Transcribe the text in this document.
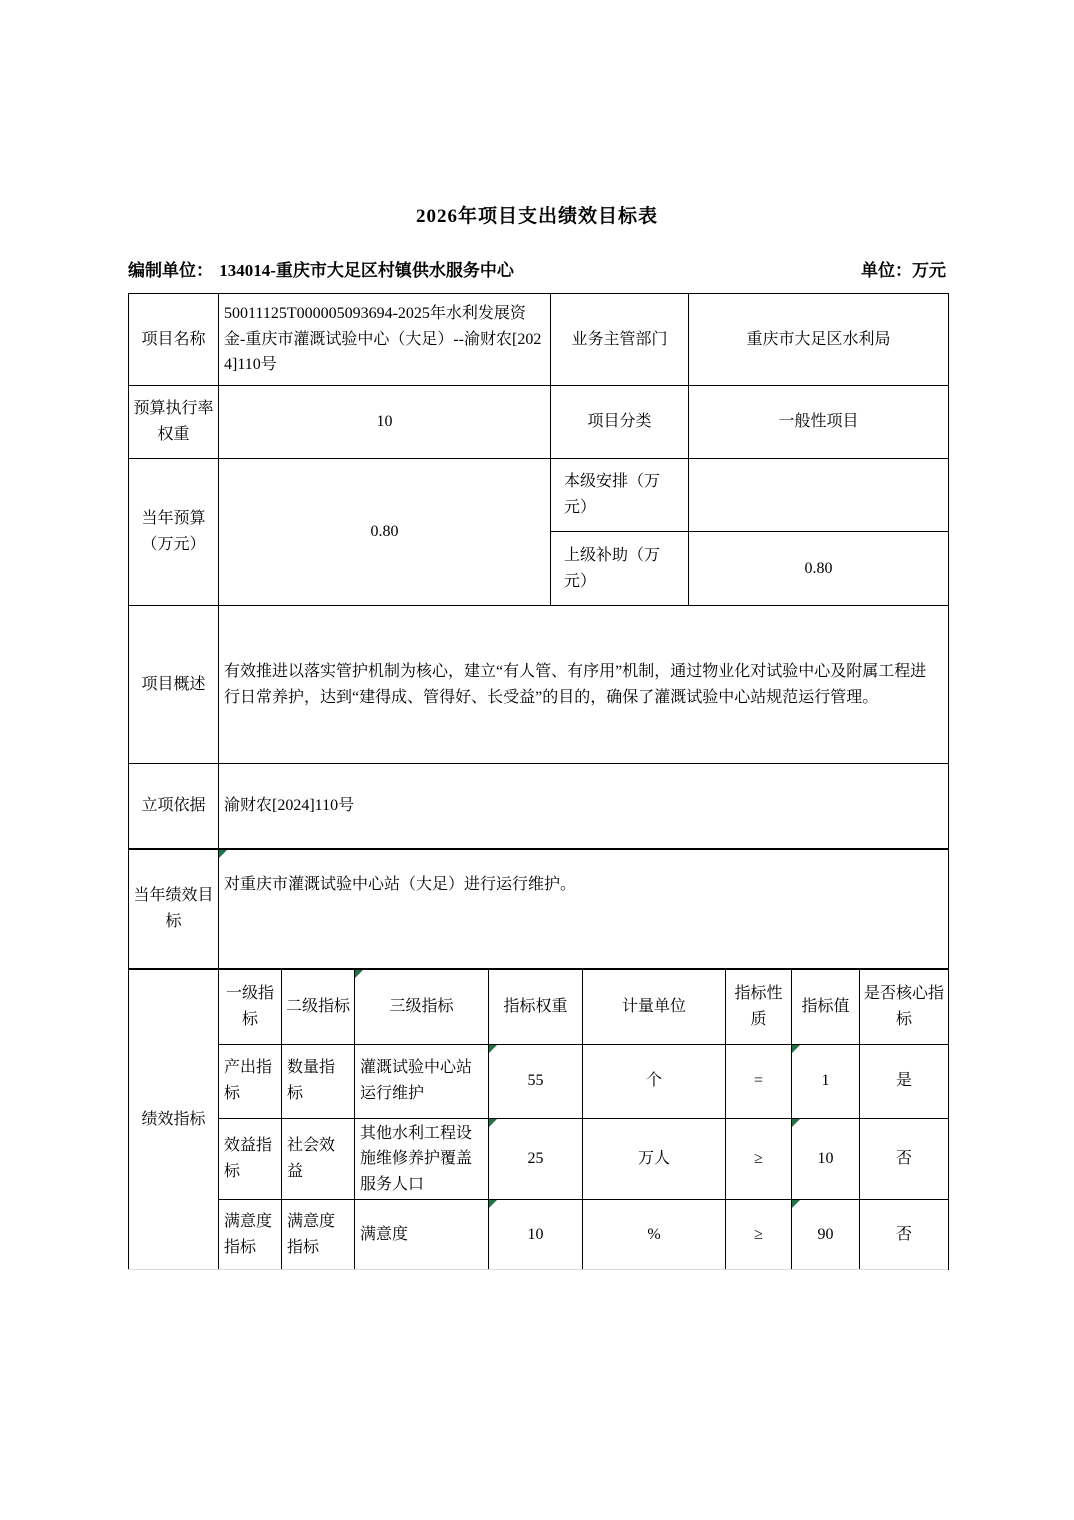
2026年项目支出绩效目标表
编制单位： 134014-重庆市大足区村镇供水服务中心	单位：万元
项目名称	50011125T000005093694-2025年水利发展资金-重庆市灌溉试验中心（大足）--渝财农[2024]110号	业务主管部门	重庆市大足区水利局
预算执行率权重	10	项目分类	一般性项目
当年预算（万元）	0.80	本级安排（万元）	
		上级补助（万元）	0.80
项目概述	有效推进以落实管护机制为核心，建立“有人管、有序用”机制，通过物业化对试验中心及附属工程进行日常养护，达到“建得成、管得好、长受益”的目的，确保了灌溉试验中心站规范运行管理。		
立项依据	渝财农[2024]110号		
当年绩效目标	对重庆市灌溉试验中心站（大足）进行运行维护。		
绩效指标	一级指标	二级指标	三级指标	指标权重	计量单位	指标性质	指标值	是否核心指标
	产出指标	数量指标	灌溉试验中心站运行维护	55	个	=	1	是
	效益指标	社会效益	其他水利工程设施维修养护覆盖服务人口	25	万人	≥	10	否
	满意度指标	满意度指标	满意度	10	%	≥	90	否
